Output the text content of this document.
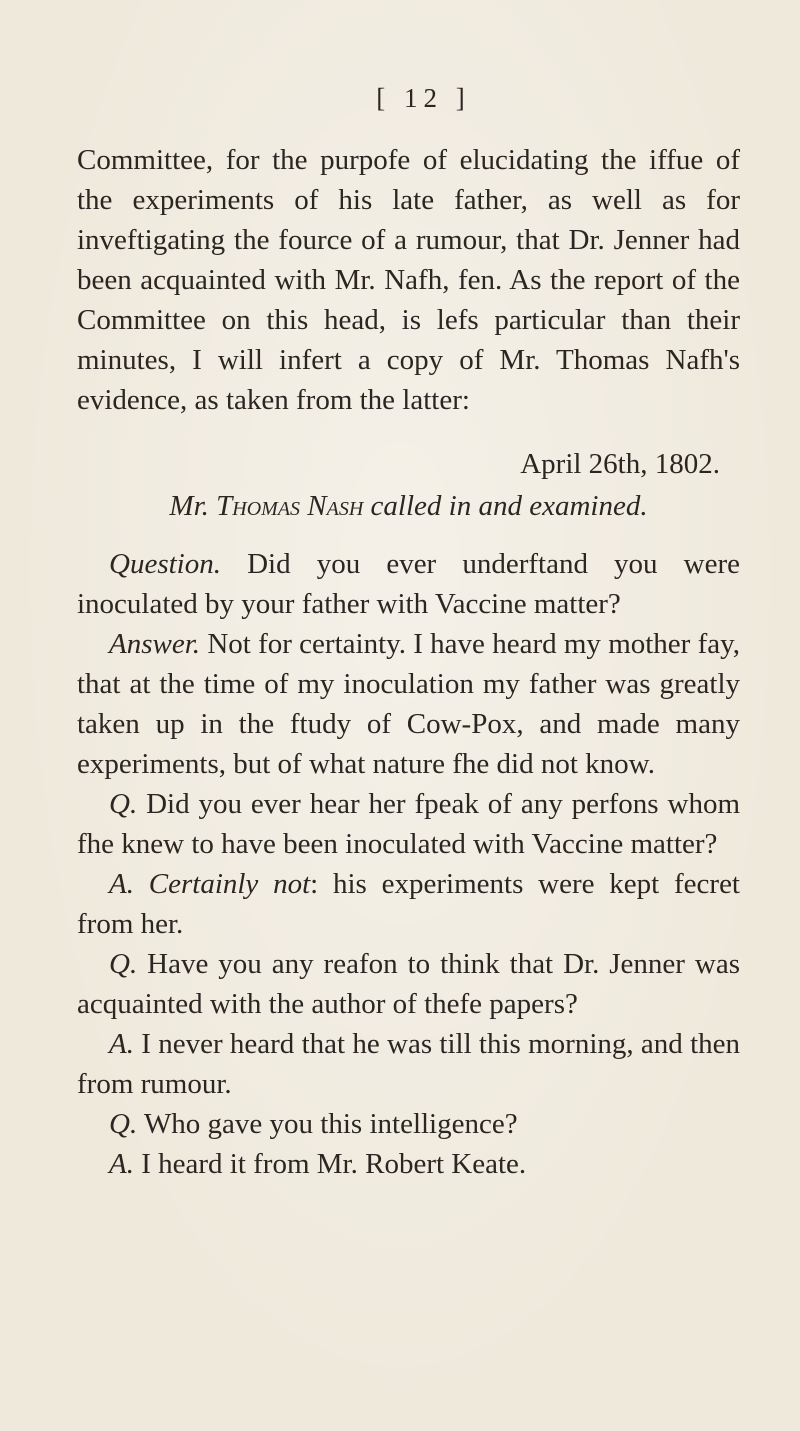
[ 12 ]

Committee, for the purpofe of elucidating the iffue of the experiments of his late father, as well as for inveftigating the fource of a rumour, that Dr. Jenner had been acquainted with Mr. Nafh, fen. As the report of the Committee on this head, is lefs particular than their minutes, I will infert a copy of Mr. Thomas Nafh's evidence, as taken from the latter:

April 26th, 1802.

Mr. Thomas Nash called in and examined.

Question. Did you ever underftand you were inoculated by your father with Vaccine matter?

Answer. Not for certainty. I have heard my mother fay, that at the time of my inoculation my father was greatly taken up in the ftudy of Cow-Pox, and made many experiments, but of what nature fhe did not know.

Q. Did you ever hear her fpeak of any perfons whom fhe knew to have been inoculated with Vaccine matter?

A. Certainly not: his experiments were kept fecret from her.

Q. Have you any reafon to think that Dr. Jenner was acquainted with the author of thefe papers?

A. I never heard that he was till this morning, and then from rumour.

Q. Who gave you this intelligence?

A. I heard it from Mr. Robert Keate.
